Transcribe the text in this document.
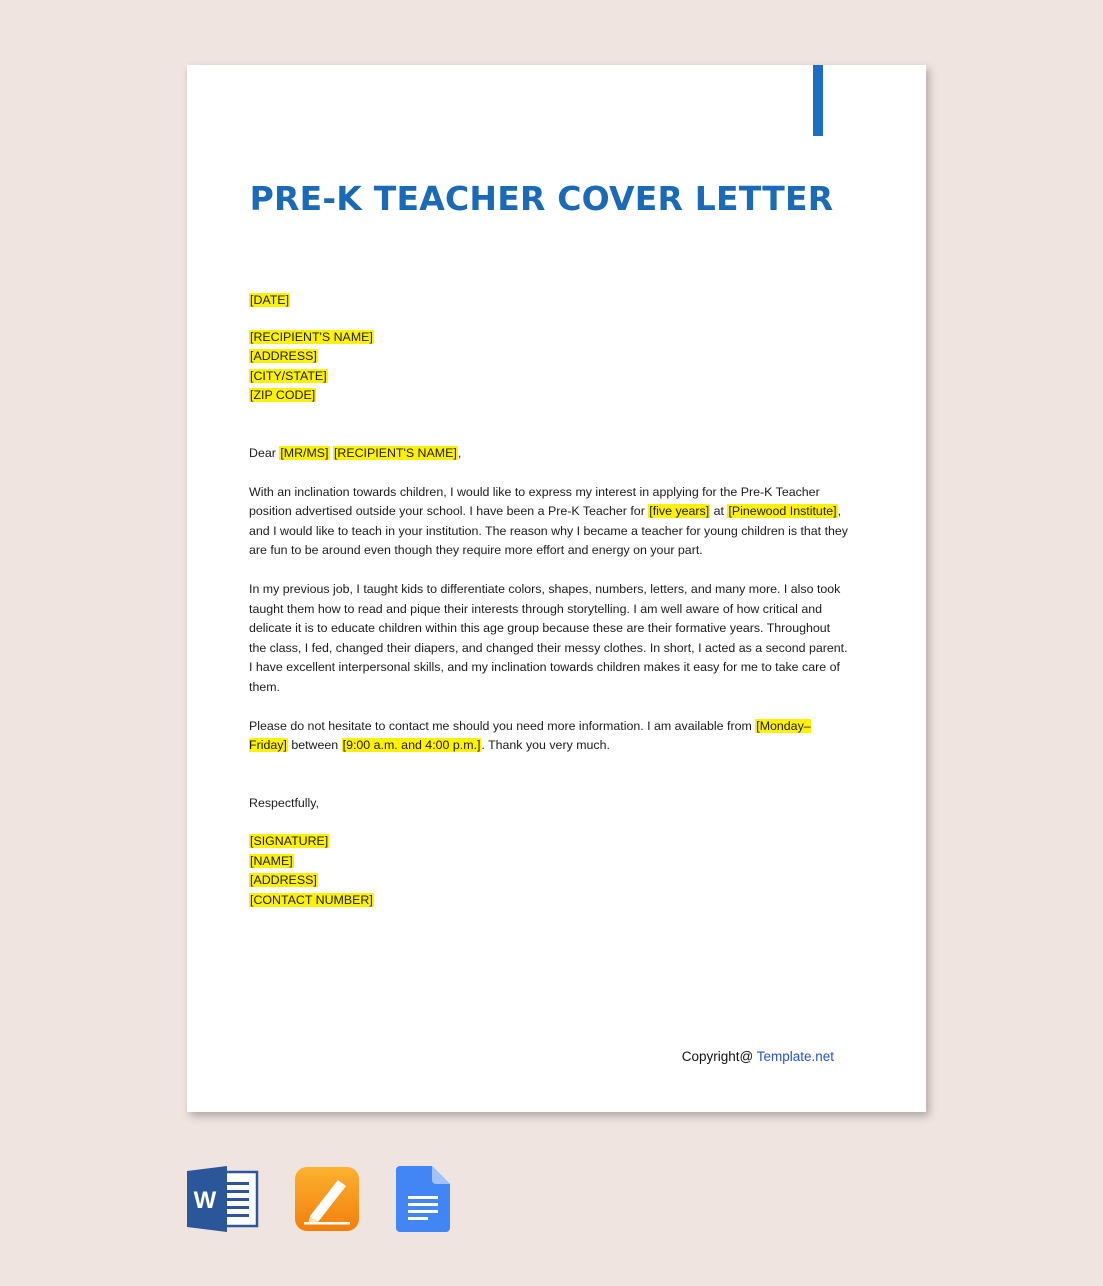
PRE-K TEACHER COVER LETTER

[DATE]

[RECIPIENT'S NAME]

[ADDRESS]

[CITY/STATE]

[ZIP CODE]

Dear [MR/MS] [RECIPIENT'S NAME],

With an inclination towards children, I would like to express my interest in applying for the Pre-K Teacher position advertised outside your school. I have been a Pre-K Teacher for [five years] at [Pinewood Institute], and I would like to teach in your institution. The reason why I became a teacher for young children is that they are fun to be around even though they require more effort and energy on your part.

In my previous job, I taught kids to differentiate colors, shapes, numbers, letters, and many more. I also took taught them how to read and pique their interests through storytelling. I am well aware of how critical and delicate it is to educate children within this age group because these are their formative years. Throughout the class, I fed, changed their diapers, and changed their messy clothes. In short, I acted as a second parent. I have excellent interpersonal skills, and my inclination towards children makes it easy for me to take care of them.

Please do not hesitate to contact me should you need more information. I am available from [Monday–Friday] between [9:00 a.m. and 4:00 p.m.]. Thank you very much.

Respectfully,

[SIGNATURE]

[NAME]

[ADDRESS]

[CONTACT NUMBER]

Copyright@ Template.net
W
